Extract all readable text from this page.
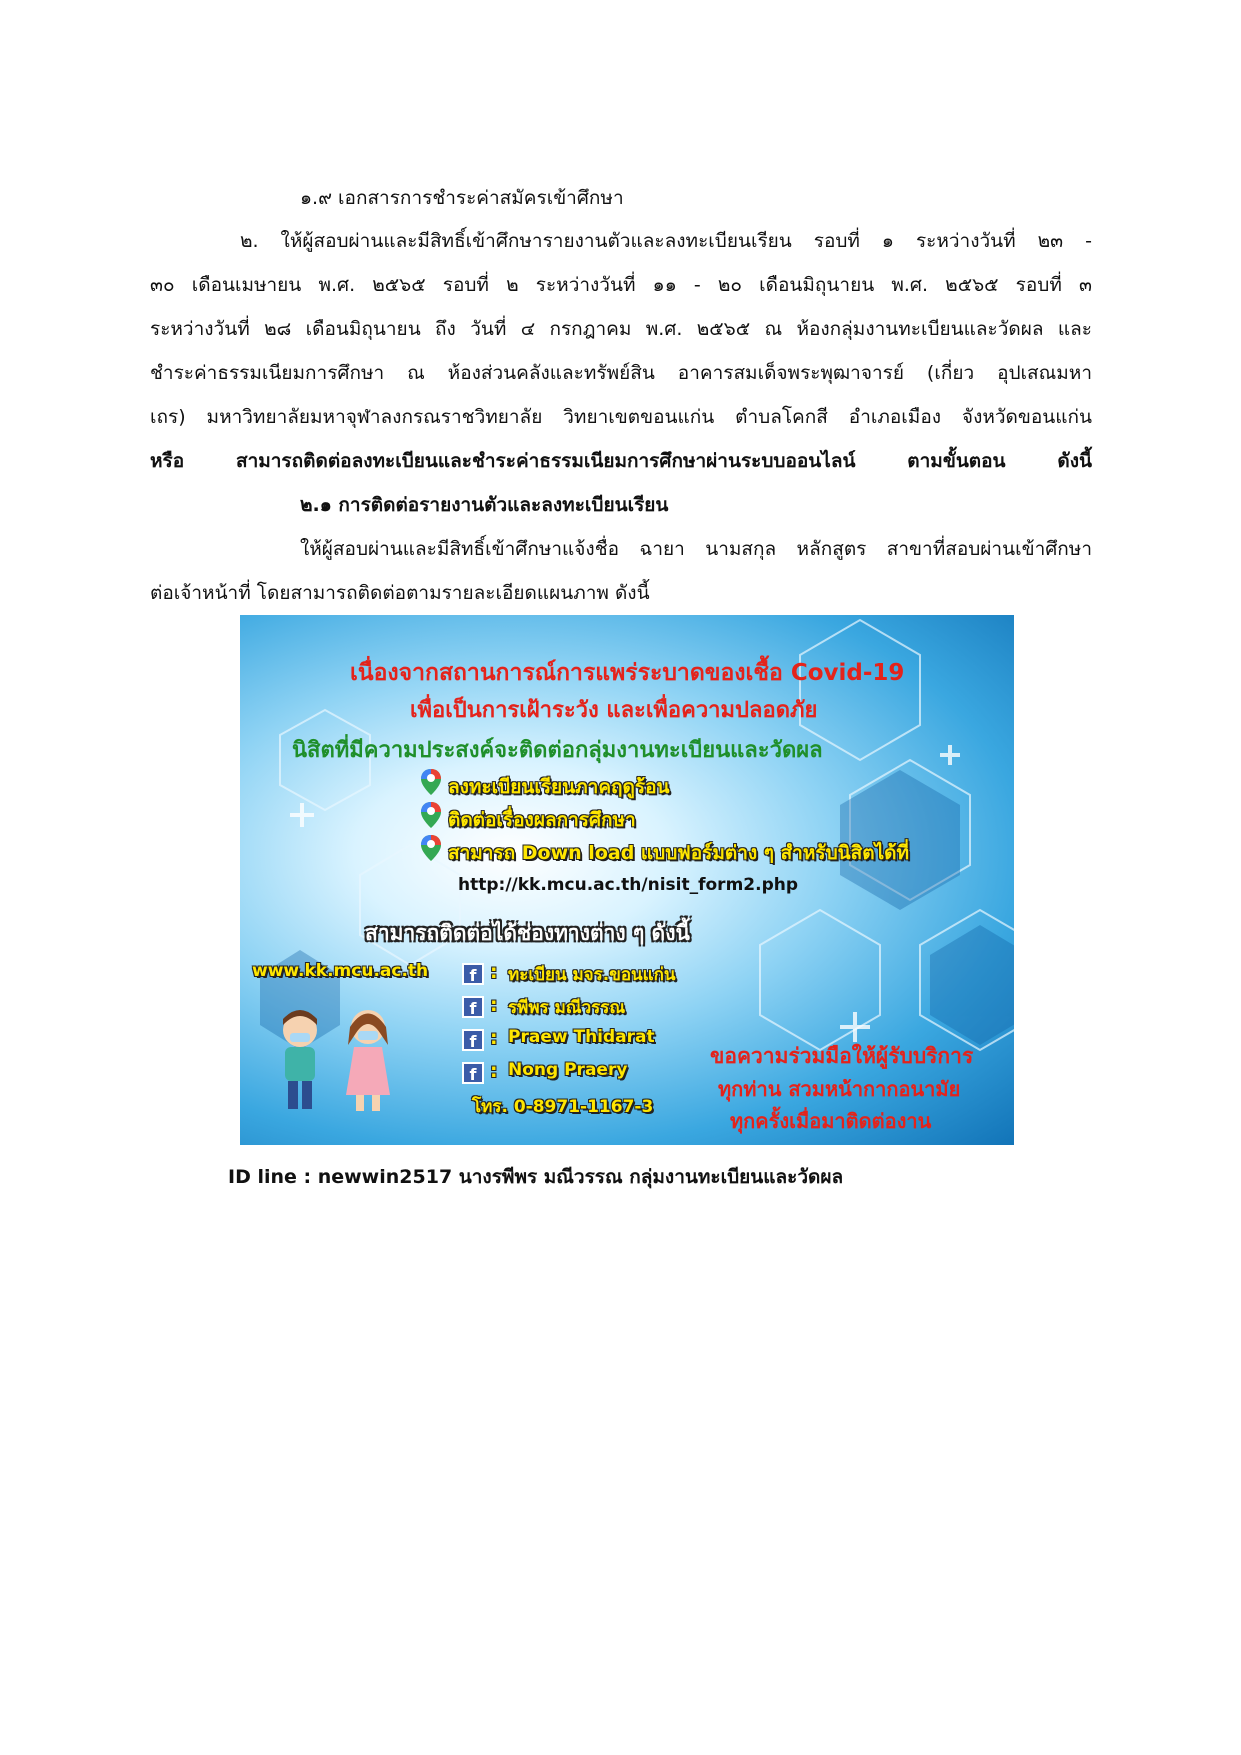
๑.๙ เอกสารการชำระค่าสมัครเข้าศึกษา
๒. ให้ผู้สอบผ่านและมีสิทธิ์เข้าศึกษารายงานตัวและลงทะเบียนเรียน รอบที่ ๑ ระหว่างวันที่ ๒๓ -
๓๐ เดือนเมษายน พ.ศ. ๒๕๖๕ รอบที่ ๒ ระหว่างวันที่ ๑๑ - ๒๐ เดือนมิถุนายน พ.ศ. ๒๕๖๕ รอบที่ ๓
ระหว่างวันที่ ๒๘ เดือนมิถุนายน ถึง วันที่ ๔ กรกฎาคม พ.ศ. ๒๕๖๕ ณ ห้องกลุ่มงานทะเบียนและวัดผล และ
ชำระค่าธรรมเนียมการศึกษา ณ ห้องส่วนคลังและทรัพย์สิน อาคารสมเด็จพระพุฒาจารย์ (เกี่ยว อุปเสณมหา
เถร) มหาวิทยาลัยมหาจุฬาลงกรณราชวิทยาลัย วิทยาเขตขอนแก่น ตำบลโคกสี อำเภอเมือง จังหวัดขอนแก่น
หรือ สามารถติดต่อลงทะเบียนและชำระค่าธรรมเนียมการศึกษาผ่านระบบออนไลน์ ตามขั้นตอน ดังนี้
๒.๑ การติดต่อรายงานตัวและลงทะเบียนเรียน
ให้ผู้สอบผ่านและมีสิทธิ์เข้าศึกษาแจ้งชื่อ ฉายา นามสกุล หลักสูตร สาขาที่สอบผ่านเข้าศึกษา
ต่อเจ้าหน้าที่ โดยสามารถติดต่อตามรายละเอียดแผนภาพ ดังนี้
เนื่องจากสถานการณ์การแพร่ระบาดของเชื้อ Covid-19
เพื่อเป็นการเฝ้าระวัง และเพื่อความปลอดภัย
นิสิตที่มีความประสงค์จะติดต่อกลุ่มงานทะเบียนและวัดผล
ลงทะเบียนเรียนภาคฤดูร้อน
ติดต่อเรื่องผลการศึกษา
สามารถ Down load แบบฟอร์มต่าง ๆ สำหรับนิสิตได้ที่
http://kk.mcu.ac.th/nisit_form2.php
สามารถติดต่อได้ช่องทางต่าง ๆ ดังนี้
www.kk.mcu.ac.th	f : ทะเบียน มจร.ขอนแก่น
f : รพีพร มณีวรรณ
f : Praew Thidarat
f : Nong Praery
โทร. 0-8971-1167-3
ขอความร่วมมือให้ผู้รับบริการ
ทุกท่าน สวมหน้ากากอนามัย
ทุกครั้งเมื่อมาติดต่องาน
ID line : newwin2517 นางรพีพร มณีวรรณ กลุ่มงานทะเบียนและวัดผล
